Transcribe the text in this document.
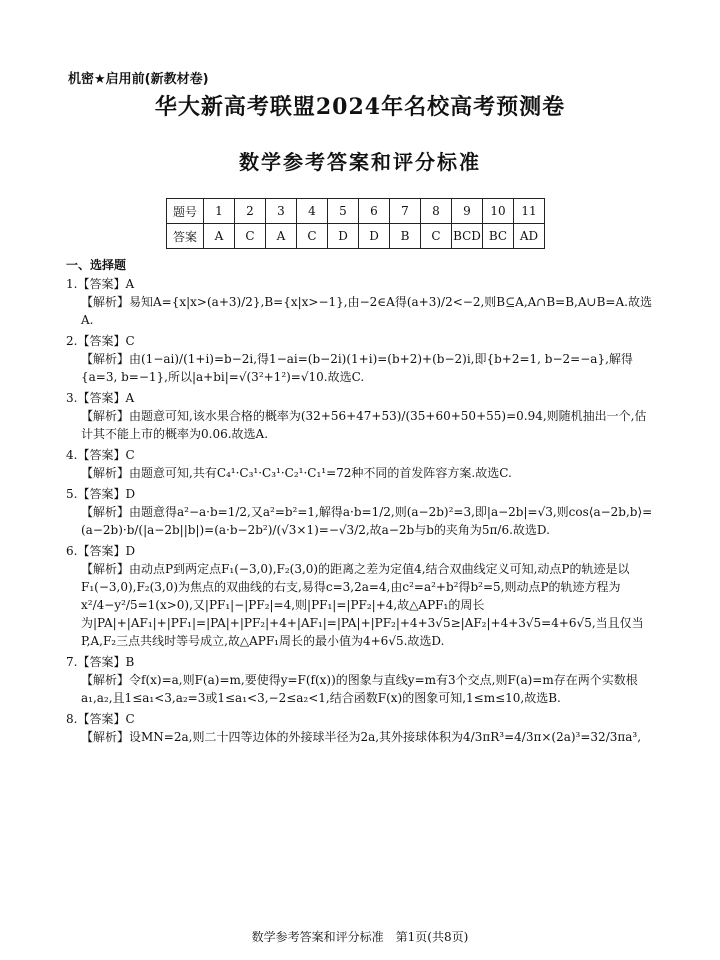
机密★启用前(新教材卷)
华大新高考联盟2024年名校高考预测卷
数学参考答案和评分标准
题号	1	2	3	4	5	6	7	8	9	10	11
答案	A	C	A	C	D	D	B	C	BCD	BC	AD
一、选择题
1.【答案】A
【解析】易知A={x|x>(a+3)/2},B={x|x>−1},由−2∈A得(a+3)/2<−2,则B⊆A,A∩B=B,A∪B=A.故选A.
2.【答案】C
【解析】由(1−ai)/(1+i)=b−2i,得1−ai=(b−2i)(1+i)=(b+2)+(b−2)i,即{b+2=1, b−2=−a},解得{a=3, b=−1},所以|a+bi|=√(3²+1²)=√10.故选C.
3.【答案】A
【解析】由题意可知,该水果合格的概率为(32+56+47+53)/(35+60+50+55)=0.94,则随机抽出一个,估计其不能上市的概率为0.06.故选A.
4.【答案】C
【解析】由题意可知,共有C₄¹·C₃¹·C₃¹·C₂¹·C₁¹=72种不同的首发阵容方案.故选C.
5.【答案】D
【解析】由题意得a²−a·b=1/2,又a²=b²=1,解得a·b=1/2,则(a−2b)²=3,即|a−2b|=√3,则cos⟨a−2b,b⟩=(a−2b)·b/(|a−2b||b|)=(a·b−2b²)/(√3×1)=−√3/2,故a−2b与b的夹角为5π/6.故选D.
6.【答案】D
【解析】由动点P到两定点F₁(−3,0),F₂(3,0)的距离之差为定值4,结合双曲线定义可知,动点P的轨迹是以F₁(−3,0),F₂(3,0)为焦点的双曲线的右支,易得c=3,2a=4,由c²=a²+b²得b²=5,则动点P的轨迹方程为x²/4−y²/5=1(x>0),又|PF₁|−|PF₂|=4,则|PF₁|=|PF₂|+4,故△APF₁的周长为|PA|+|AF₁|+|PF₁|=|PA|+|PF₂|+4+|AF₁|=|PA|+|PF₂|+4+3√5≥|AF₂|+4+3√5=4+6√5,当且仅当P,A,F₂三点共线时等号成立,故△APF₁周长的最小值为4+6√5.故选D.
7.【答案】B
【解析】令f(x)=a,则F(a)=m,要使得y=F(f(x))的图象与直线y=m有3个交点,则F(a)=m存在两个实数根a₁,a₂,且1≤a₁<3,a₂=3或1≤a₁<3,−2≤a₂<1,结合函数F(x)的图象可知,1≤m≤10,故选B.
8.【答案】C
【解析】设MN=2a,则二十四等边体的外接球半径为2a,其外接球体积为4/3πR³=4/3π×(2a)³=32/3πa³,
数学参考答案和评分标准　第1页(共8页)
